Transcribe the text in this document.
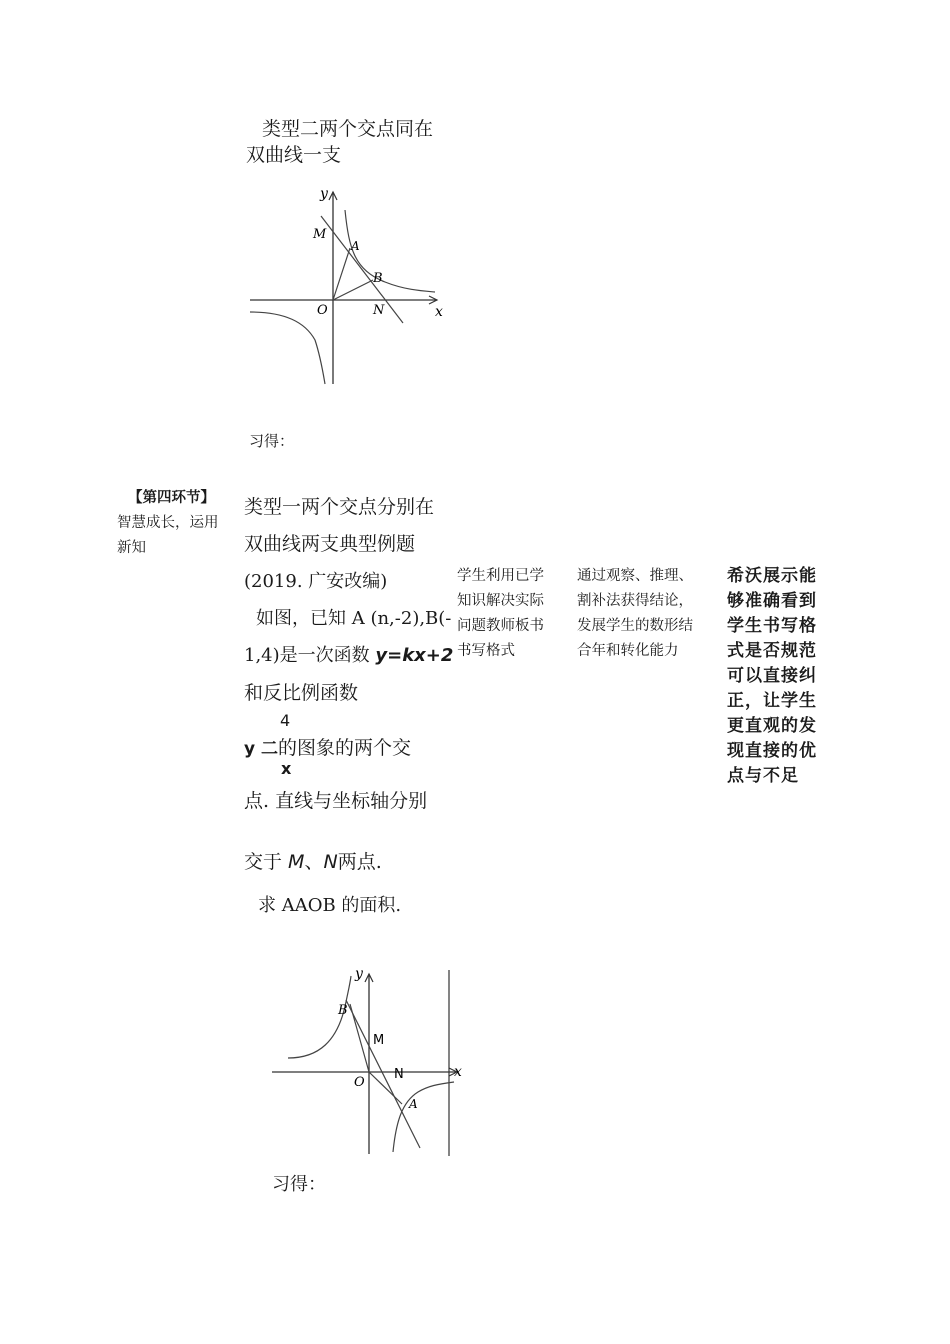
类型二两个交点同在
双曲线一支
y
x
O
M
A
B
N
习得：
【第四环节】
智慧成长，运用
新知
类型一两个交点分别在
双曲线两支典型例题
(2019. 广安改编)
如图，已知 A (n,-2),B(-
1,4)是一次函数 y=kx+2
和反比例函数
4
y 二的图象的两个交
x
点. 直线与坐标轴分别
交于 M、N两点.
求 AAOB 的面积.
y
x
O
M
N
A
B
习得：
学生利用已学
知识解决实际
问题教师板书
书写格式
通过观察、推理、
割补法获得结论，
发展学生的数形结
合年和转化能力
希沃展示能
够准确看到
学生书写格
式是否规范
可以直接纠
正，让学生
更直观的发
现直接的优
点与不足
